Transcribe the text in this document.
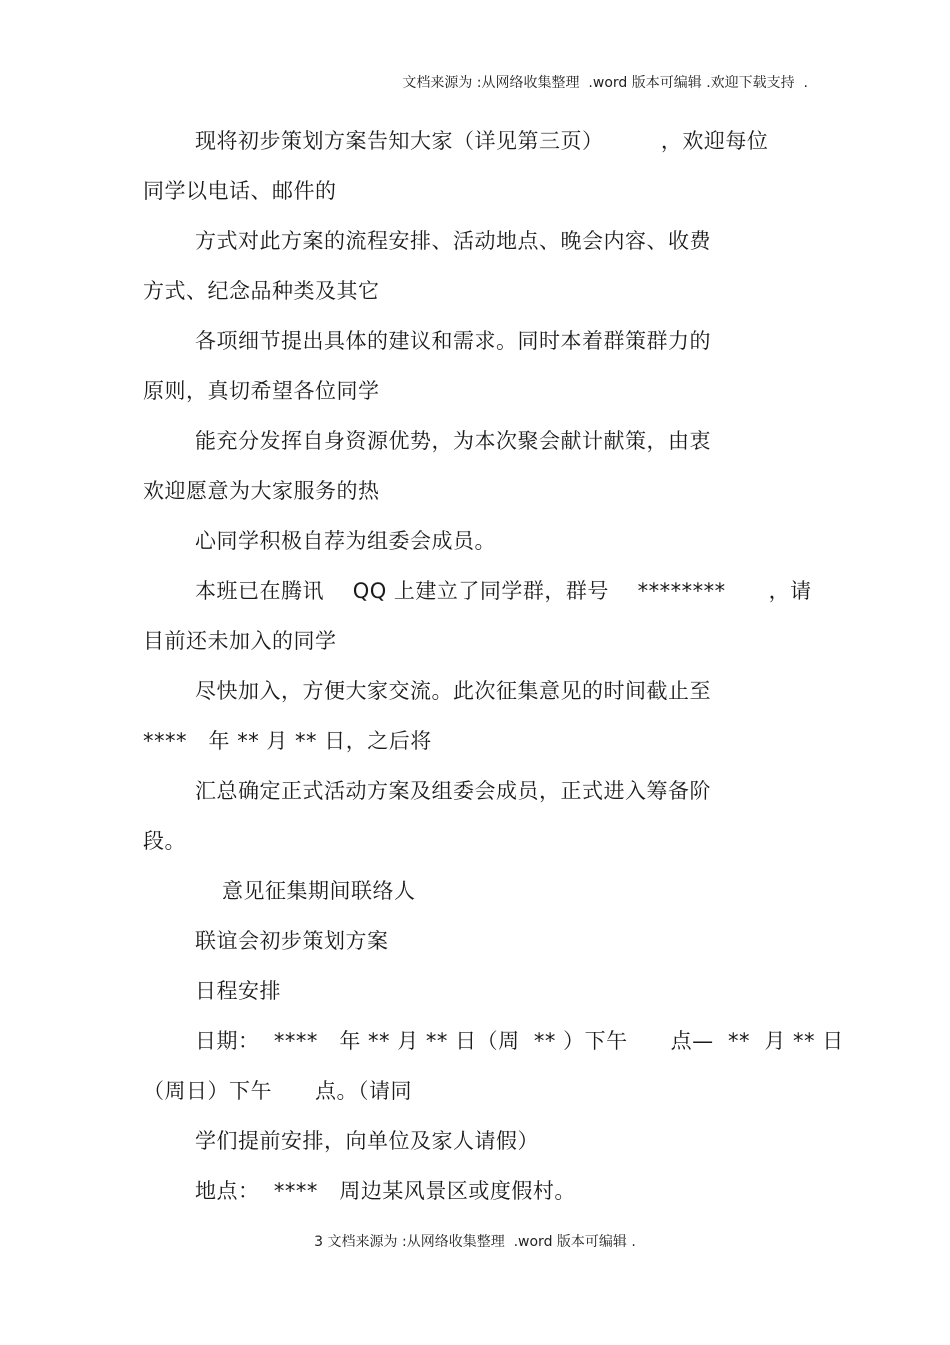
文档来源为 :从网络收集整理  .word 版本可编辑 .欢迎下载支持  .
现将初步策划方案告知大家（详见第三页）        ，欢迎每位
同学以电话、邮件的
方式对此方案的流程安排、活动地点、晚会内容、收费
方式、纪念品种类及其它
各项细节提出具体的建议和需求。同时本着群策群力的
原则，真切希望各位同学
能充分发挥自身资源优势，为本次聚会献计献策，由衷
欢迎愿意为大家服务的热
心同学积极自荐为组委会成员。
本班已在腾讯    QQ 上建立了同学群，群号    ********      ，请
目前还未加入的同学
尽快加入，方便大家交流。此次征集意见的时间截止至
****   年 ** 月 ** 日，之后将
汇总确定正式活动方案及组委会成员，正式进入筹备阶
段。
意见征集期间联络人
联谊会初步策划方案
日程安排
日期：  ****   年 ** 月 ** 日（周  ** ）下午      点—  **  月 ** 日
（周日）下午      点。（请同
学们提前安排，向单位及家人请假）
地点：  ****   周边某风景区或度假村。
3 文档来源为 :从网络收集整理  .word 版本可编辑 .
